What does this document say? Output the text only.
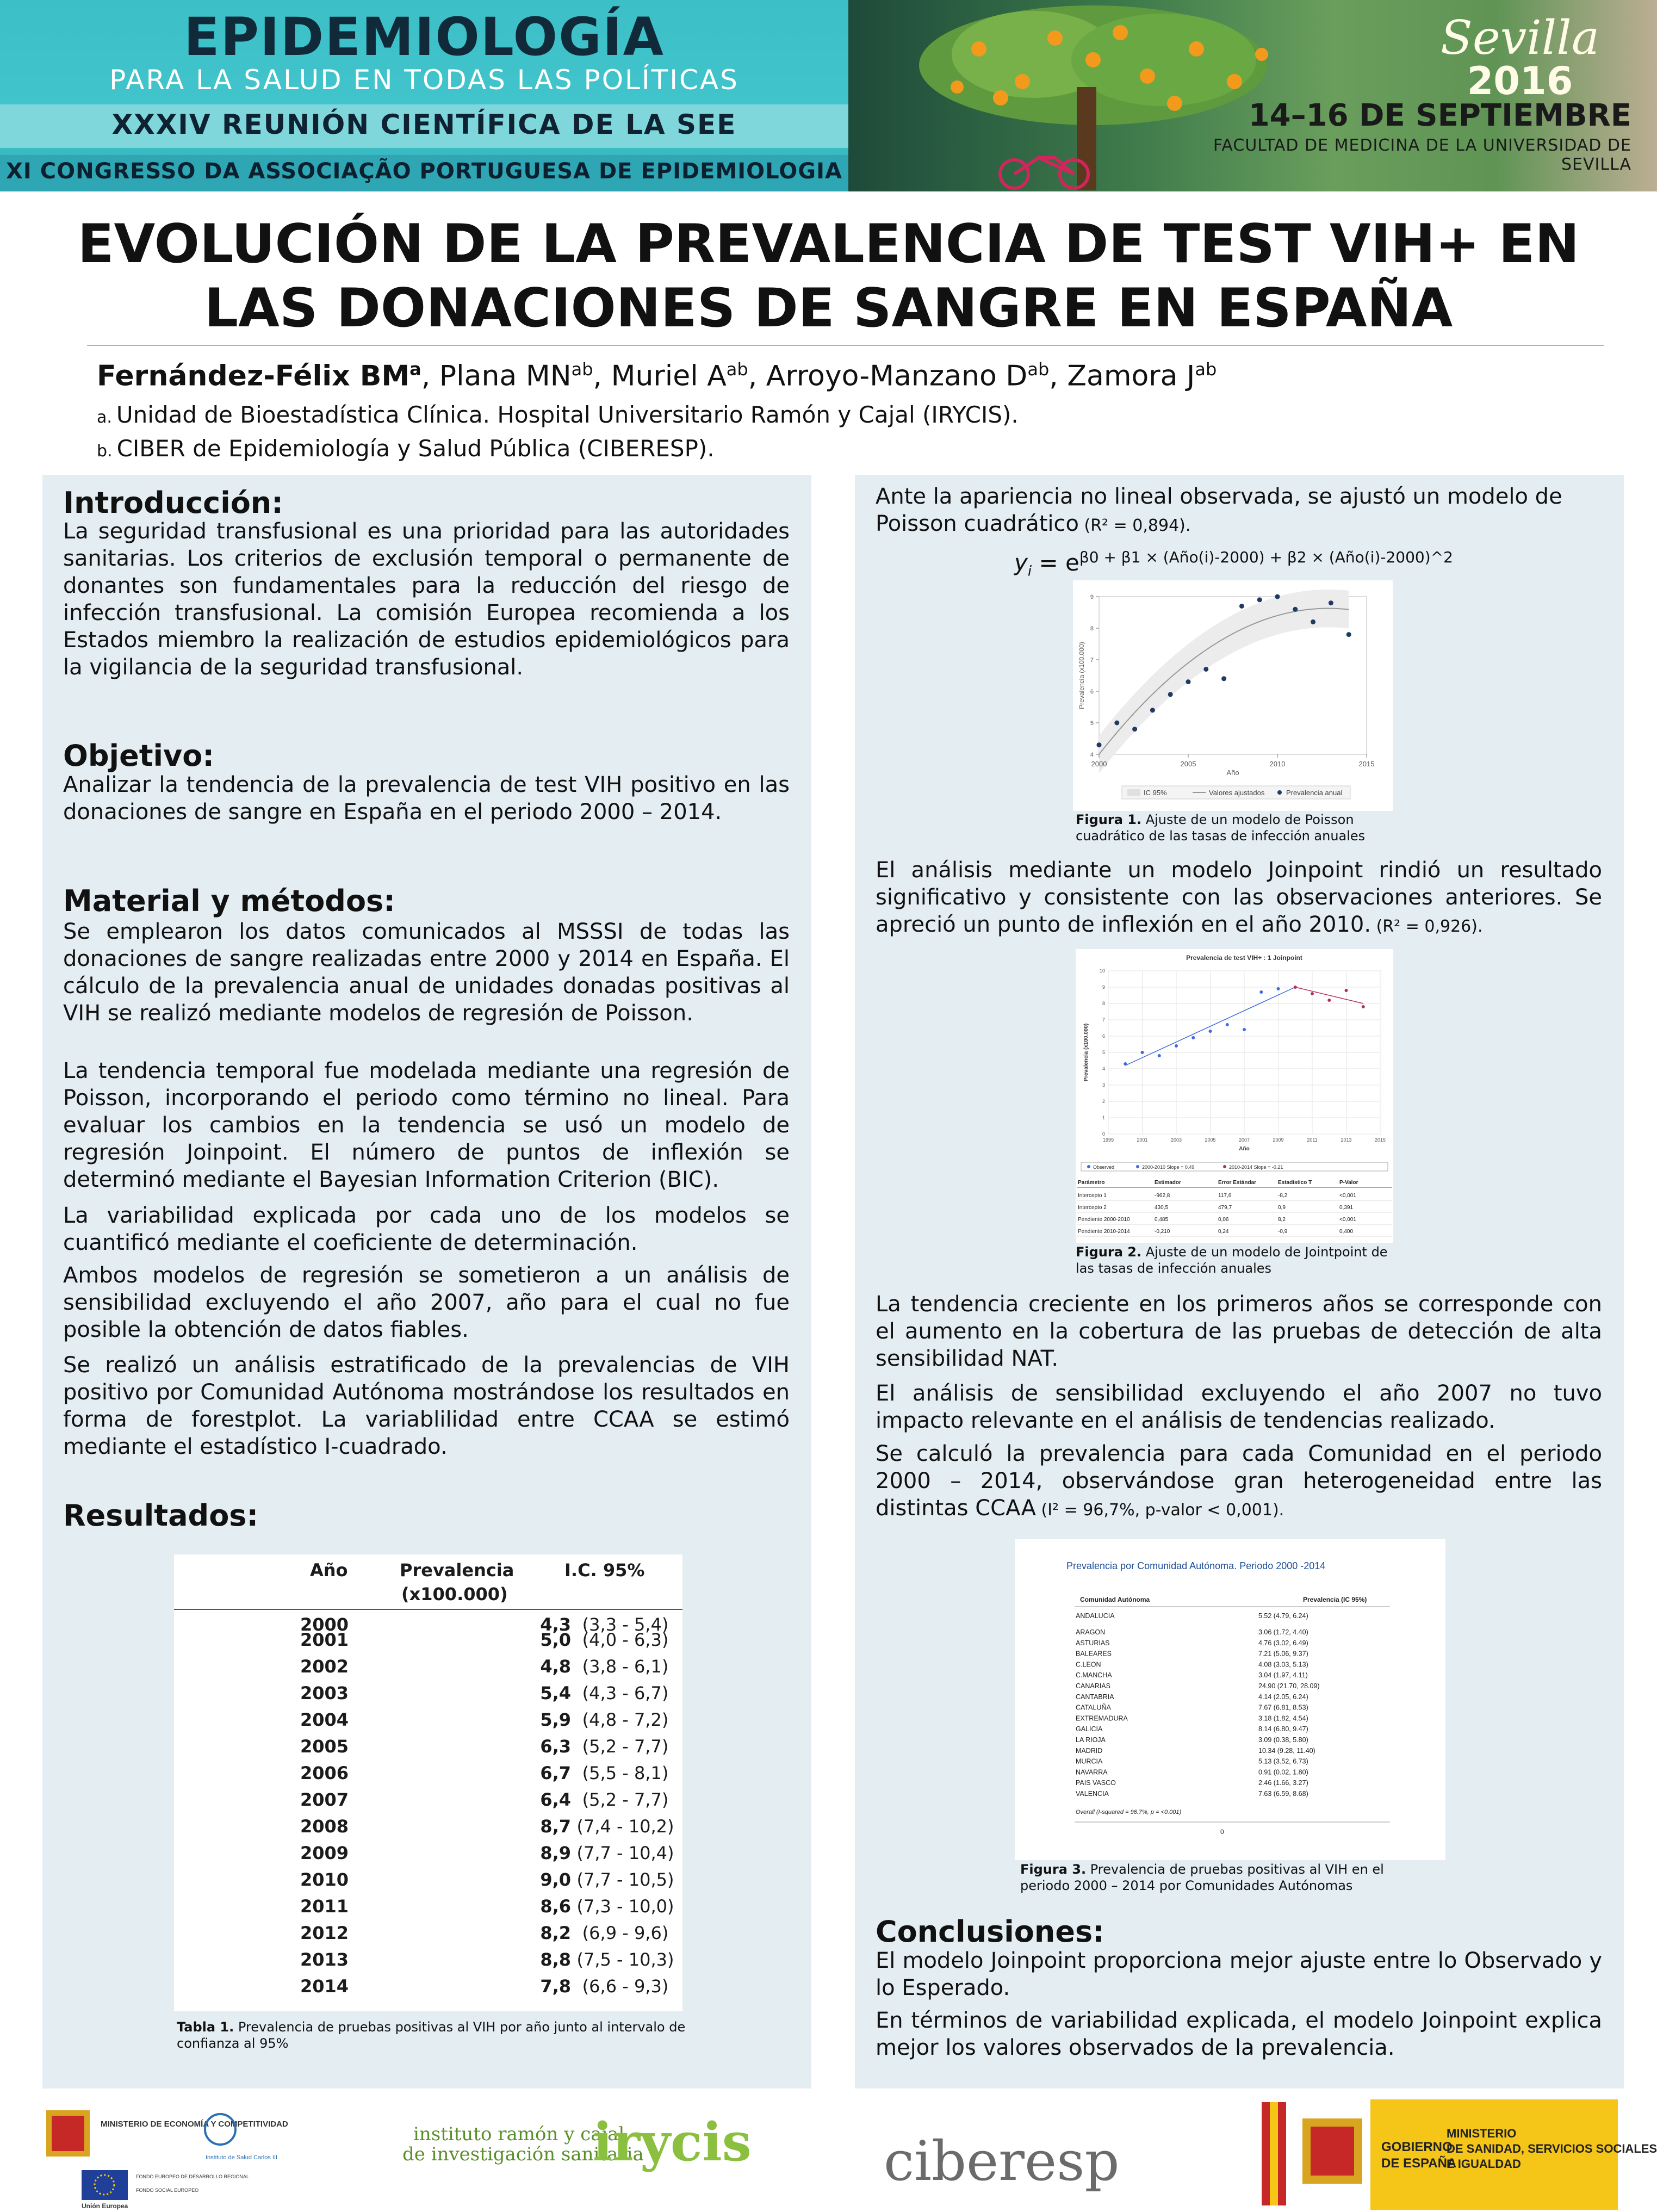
EPIDEMIOLOGÍA
PARA LA SALUD EN TODAS LAS POLÍTICAS
XXXIV REUNIÓN CIENTÍFICA DE LA SEE
XI CONGRESSO DA ASSOCIAÇÃO PORTUGUESA DE EPIDEMIOLOGIA
Sevilla
2016
14–16 DE SEPTIEMBRE
FACULTAD DE MEDICINA DE LA UNIVERSIDAD DE SEVILLA
EVOLUCIÓN DE LA PREVALENCIA DE TEST VIH+ EN
LAS DONACIONES DE SANGRE EN ESPAÑA
Fernández-Félix $BM^a$, Plana $MN^{ab}$, Muriel $A^{ab}$, Arroyo-Manzano $D^{ab}$, Zamora $J^{ab}$
a. Unidad de Bioestadística Clínica. Hospital Universitario Ramón y Cajal (IRYCIS).
b. CIBER de Epidemiología y Salud Pública (CIBERESP).
Introducción:
La seguridad transfusional es una prioridad para las autoridades sanitarias. Los criterios de exclusión temporal o permanente de donantes son fundamentales para la reducción del riesgo de infección transfusional. La comisión Europea recomienda a los Estados miembro la realización de estudios epidemiológicos para la vigilancia de la seguridad transfusional.
Objetivo:
Analizar la tendencia de la prevalencia de test VIH positivo en las donaciones de sangre en España en el periodo 2000 – 2014.
Material y métodos:
Se emplearon los datos comunicados al MSSSI de todas las donaciones de sangre realizadas entre 2000 y 2014 en España. El cálculo de la prevalencia anual de unidades donadas positivas al VIH se realizó mediante modelos de regresión de Poisson.
La tendencia temporal fue modelada mediante una regresión de Poisson, incorporando el periodo como término no lineal. Para evaluar los cambios en la tendencia se usó un modelo de regresión Joinpoint. El número de puntos de inflexión se determinó mediante el Bayesian Information Criterion (BIC).
La variabilidad explicada por cada uno de los modelos se cuantificó mediante el coeficiente de determinación.
Ambos modelos de regresión se sometieron a un análisis de sensibilidad excluyendo el año 2007, año para el cual no fue posible la obtención de datos fiables.
Se realizó un análisis estratificado de la prevalencias de VIH positivo por Comunidad Autónoma mostrándose los resultados en forma de forestplot. La variablilidad entre CCAA se estimó mediante el estadístico I-cuadrado.
Resultados:
Año	Prevalencia
(x100.000)
I.C. 95%
2000	4,3 (3,3 - 5,4)
2001	5,0 (4,0 - 6,3)
2002	4,8 (3,8 - 6,1)
2003	5,4 (4,3 - 6,7)
2004	5,9 (4,8 - 7,2)
2005	6,3 (5,2 - 7,7)
2006	6,7 (5,5 - 8,1)
2007	6,4 (5,2 - 7,7)
2008	8,7 (7,4 - 10,2)
2009	8,9 (7,7 - 10,4)
2010	9,0 (7,7 - 10,5)
2011	8,6 (7,3 - 10,0)
2012	8,2 (6,9 - 9,6)
2013	8,8 (7,5 - 10,3)
2014	7,8 (6,6 - 9,3)
Tabla 1. Prevalencia de pruebas positivas al VIH por año junto al intervalo de confianza al 95%
Ante la apariencia no lineal observada, se ajustó un modelo de Poisson cuadrático (R² = 0,894).
$y_i = e^{\beta 0 + \beta 1 \times (Año(i)-2000) + \beta 2 \times (Año(i)-2000)\^{}2}$
2000	2005	2010	2015
4
5
6
7
8
9
Año
Prevalencia (x100.000)
IC 95%	Valores ajustados	Prevalencia anual
Figura 1. Ajuste de un modelo de Poisson cuadrático de las tasas de infección anuales
El análisis mediante un modelo Joinpoint rindió un resultado significativo y consistente con las observaciones anteriores. Se apreció un punto de inflexión en el año 2010. (R² = 0,926).
Prevalencia de test VIH+ : 1 Joinpoint
0
1
2
3
4
5
6
7
8
9
10
1999	2001	2003	2005	2007	2009	2011	2013	2015
Año
Prevalencia (x100.000)
Observed	2000-2010 Slope = 0.49	2010-2014 Slope = -0.21
Parámetro	Estimador	Error Estándar	Estadístico T	P-Valor
Intercepto 1	-962,8	117,6	-8,2	<0,001
Intercepto 2	430,5	479,7	0,9	0,391
Pendiente 2000-2010	0,485	0,06	8,2	<0,001
Pendiente 2010-2014	-0,210	0,24	-0,9	0,400
Figura 2. Ajuste de un modelo de Jointpoint de las tasas de infección anuales
La tendencia creciente en los primeros años se corresponde con el aumento en la cobertura de las pruebas de detección de alta sensibilidad NAT.
El análisis de sensibilidad excluyendo el año 2007 no tuvo impacto relevante en el análisis de tendencias realizado.
Se calculó la prevalencia para cada Comunidad en el periodo 2000 – 2014, observándose gran heterogeneidad entre las distintas CCAA (I² = 96,7%, p-valor < 0,001).
Prevalencia por Comunidad Autónoma. Periodo 2000 -2014
Comunidad Autónoma	Prevalencia (IC 95%)
ANDALUCIA	5.52 (4.79, 6.24)
ARAGON	3.06 (1.72, 4.40)
ASTURIAS	4.76 (3.02, 6.49)
BALEARES	7.21 (5.06, 9.37)
C.LEON	4.08 (3.03, 5.13)
C.MANCHA	3.04 (1.97, 4.11)
CANARIAS	24.90 (21.70, 28.09)
CANTABRIA	4.14 (2.05, 6.24)
CATALUÑA	7.67 (6.81, 8.53)
EXTREMADURA	3.18 (1.82, 4.54)
GALICIA	8.14 (6.80, 9.47)
LA RIOJA	3.09 (0.38, 5.80)
MADRID	10.34 (9.28, 11.40)
MURCIA	5.13 (3.52, 6.73)
NAVARRA	0.91 (0.02, 1.80)
PAIS VASCO	2.46 (1.66, 3.27)
VALENCIA	7.63 (6.59, 8.68)
Overall (I-squared = 96.7%, p = <0.001)
0
Figura 3. Prevalencia de pruebas positivas al VIH en el periodo 2000 – 2014 por Comunidades Autónomas
Conclusiones:
El modelo Joinpoint proporciona mejor ajuste entre lo Observado y lo Esperado.
En términos de variabilidad explicada, el modelo Joinpoint explica mejor los valores observados de la prevalencia.
MINISTERIO DE ECONOMÍA Y COMPETITIVIDAD
Instituto de Salud Carlos III
Unión Europea
FONDO EUROPEO DE DESARROLLO REGIONAL
FONDO SOCIAL EUROPEO
instituto ramón y cajal
de investigación sanitaria
irycis ciberesp	GOBIERNO DE ESPAÑA
MINISTERIO DE SANIDAD, SERVICIOS SOCIALES E IGUALDAD
